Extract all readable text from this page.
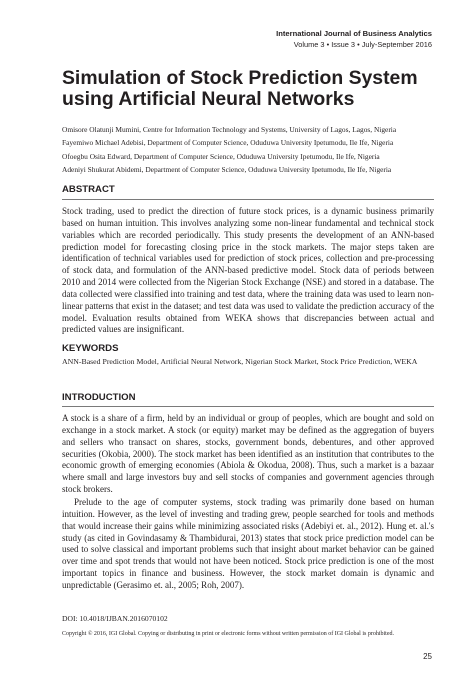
International Journal of Business Analytics
Volume 3 • Issue 3 • July-September 2016
Simulation of Stock Prediction System using Artificial Neural Networks
Omisore Olatunji Mumini, Centre for Information Technology and Systems, University of Lagos, Lagos, Nigeria
Fayemiwo Michael Adebisi, Department of Computer Science, Oduduwa University Ipetumodu, Ile Ife, Nigeria
Ofoegbu Osita Edward, Department of Computer Science, Oduduwa University Ipetumodu, Ile Ife, Nigeria
Adeniyi Shukurat Abidemi, Department of Computer Science, Oduduwa University Ipetumodu, Ile Ife, Nigeria
ABSTRACT

Stock trading, used to predict the direction of future stock prices, is a dynamic business primarily based on human intuition. This involves analyzing some non-linear fundamental and technical stock variables which are recorded periodically. This study presents the development of an ANN-based prediction model for forecasting closing price in the stock markets. The major steps taken are identification of technical variables used for prediction of stock prices, collection and pre-processing of stock data, and formulation of the ANN-based predictive model. Stock data of periods between 2010 and 2014 were collected from the Nigerian Stock Exchange (NSE) and stored in a database. The data collected were classified into training and test data, where the training data was used to learn non-linear patterns that exist in the dataset; and test data was used to validate the prediction accuracy of the model. Evaluation results obtained from WEKA shows that discrepancies between actual and predicted values are insignificant.

KEYWORDS
ANN-Based Prediction Model, Artificial Neural Network, Nigerian Stock Market, Stock Price Prediction, WEKA
INTRODUCTION

A stock is a share of a firm, held by an individual or group of peoples, which are bought and sold on exchange in a stock market. A stock (or equity) market may be defined as the aggregation of buyers and sellers who transact on shares, stocks, government bonds, debentures, and other approved securities (Okobia, 2000). The stock market has been identified as an institution that contributes to the economic growth of emerging economies (Abiola & Okodua, 2008). Thus, such a market is a bazaar where small and large investors buy and sell stocks of companies and government agencies through stock brokers.

Prelude to the age of computer systems, stock trading was primarily done based on human intuition. However, as the level of investing and trading grew, people searched for tools and methods that would increase their gains while minimizing associated risks (Adebiyi et. al., 2012). Hung et. al.'s study (as cited in Govindasamy & Thambidurai, 2013) states that stock price prediction model can be used to solve classical and important problems such that insight about market behavior can be gained over time and spot trends that would not have been noticed. Stock price prediction is one of the most important topics in finance and business. However, the stock market domain is dynamic and unpredictable (Gerasimo et. al., 2005; Roh, 2007).

DOI: 10.4018/IJBAN.2016070102
Copyright © 2016, IGI Global. Copying or distributing in print or electronic forms without written permission of IGI Global is prohibited.
25
